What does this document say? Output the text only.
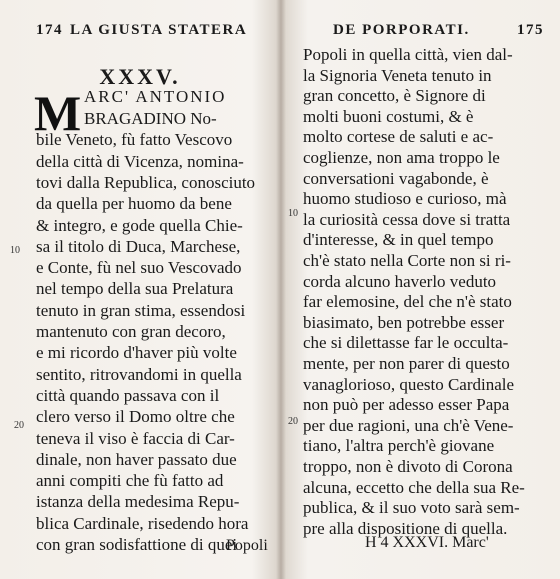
174 LA GIUSTA STATERA
XXXV.
M ARC' ANTONIO
BRAGADINO No-
bile Veneto, fù fatto Vescovo
della città di Vicenza, nomina-
tovi dalla Republica, conosciuto
da quella per huomo da bene
& integro, e gode quella Chie-
sa il titolo di Duca, Marchese,
e Conte, fù nel suo Vescovado
nel tempo della sua Prelatura
tenuto in gran stima, essendosi
mantenuto con gran decoro,
e mi ricordo d'haver più volte
sentito, ritrovandomi in quella
città quando passava con il
clero verso il Domo oltre che
teneva il viso è faccia di Car-
dinale, non haver passato due
anni compiti che fù fatto ad
istanza della medesima Repu-
blica Cardinale, risedendo hora
con gran sodisfattione di quei
10
20
Popoli
DE PORPORATI.	175
Popoli in quella città, vien dal-
la Signoria Veneta tenuto in
gran concetto, è Signore di
molti buoni costumi, & è
molto cortese de saluti e ac-
coglienze, non ama troppo le
conversationi vagabonde, è
huomo studioso e curioso, mà
la curiosità cessa dove si tratta
d'interesse, & in quel tempo
ch'è stato nella Corte non si ri-
corda alcuno haverlo veduto
far elemosine, del che n'è stato
biasimato, ben potrebbe esser
che si dilettasse far le occulta-
mente, per non parer di questo
vanaglorioso, questo Cardinale
non può per adesso esser Papa
per due ragioni, una ch'è Vene-
tiano, l'altra perch'è giovane
troppo, non è divoto di Corona
alcuna, eccetto che della sua Re-
publica, & il suo voto sarà sem-
pre alla dispositione di quella.
10
20
H 4 XXXVI. Marc'
